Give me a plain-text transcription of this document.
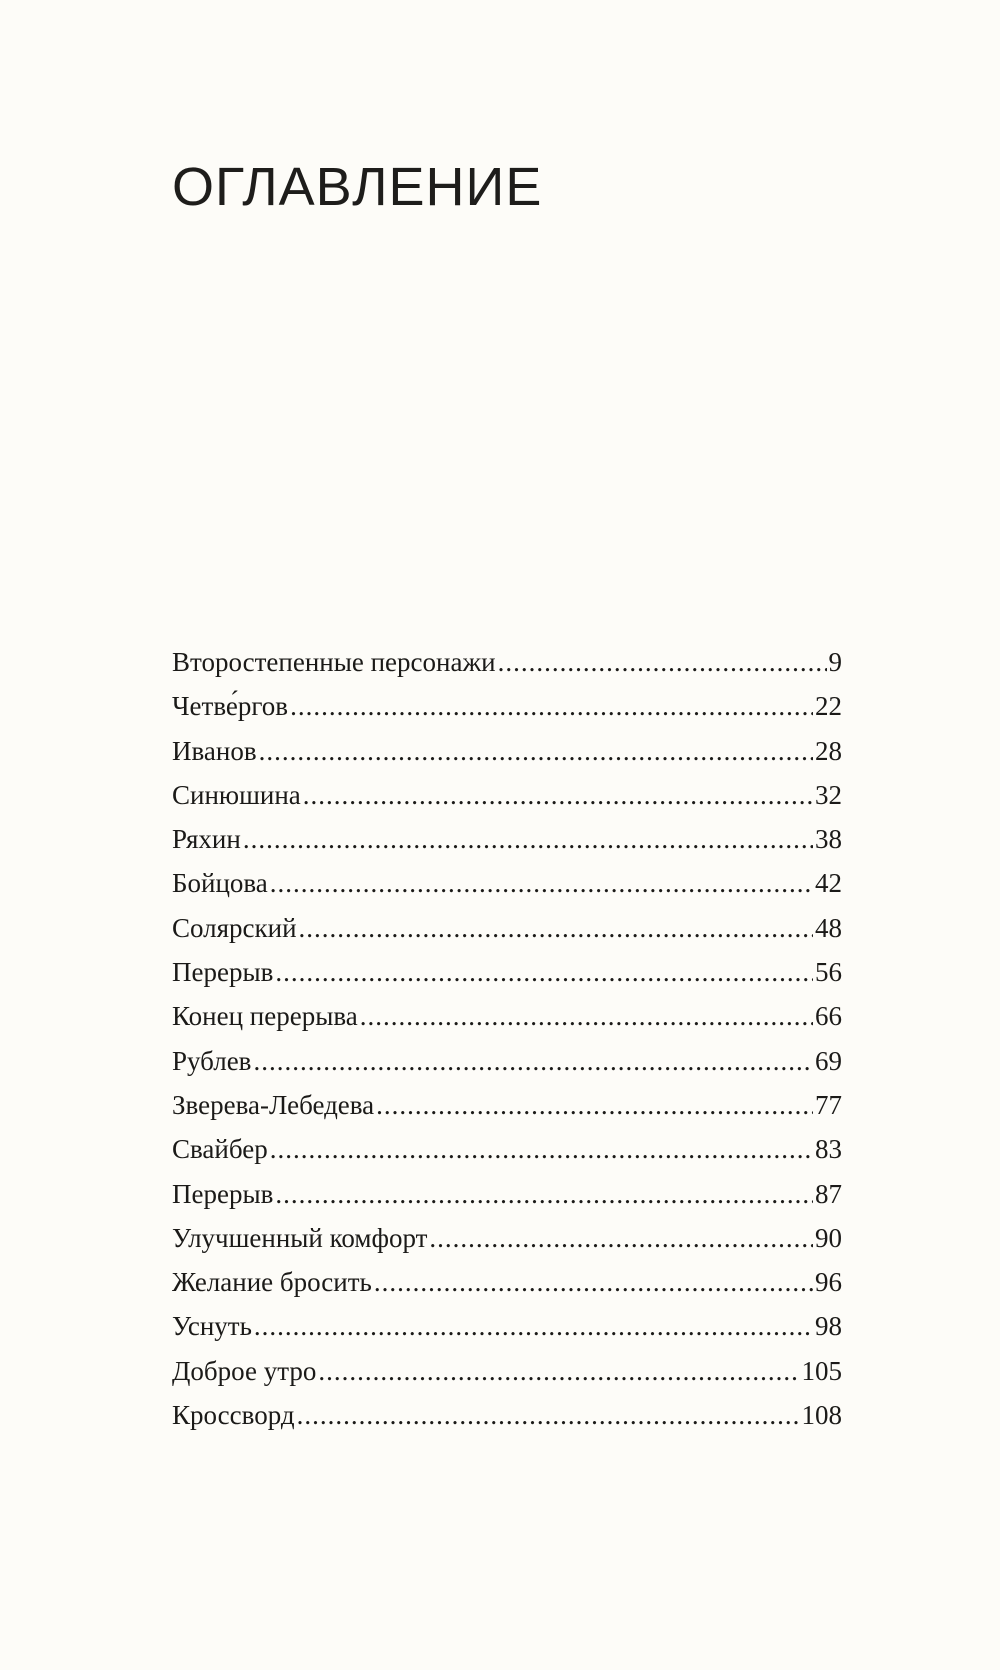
ОГЛАВЛЕНИЕ
Второстепенные персонажи .....	9
Четве́ргов .....	22
Иванов .....	28
Синюшина .....	32
Ряхин .....	38
Бойцова .....	42
Солярский .....	48
Перерыв .....	56
Конец перерыва .....	66
Рублев .....	69
Зверева-Лебедева .....	77
Свайбер .....	83
Перерыв .....	87
Улучшенный комфорт .....	90
Желание бросить .....	96
Уснуть .....	98
Доброе утро .....	105
Кроссворд .....	108
